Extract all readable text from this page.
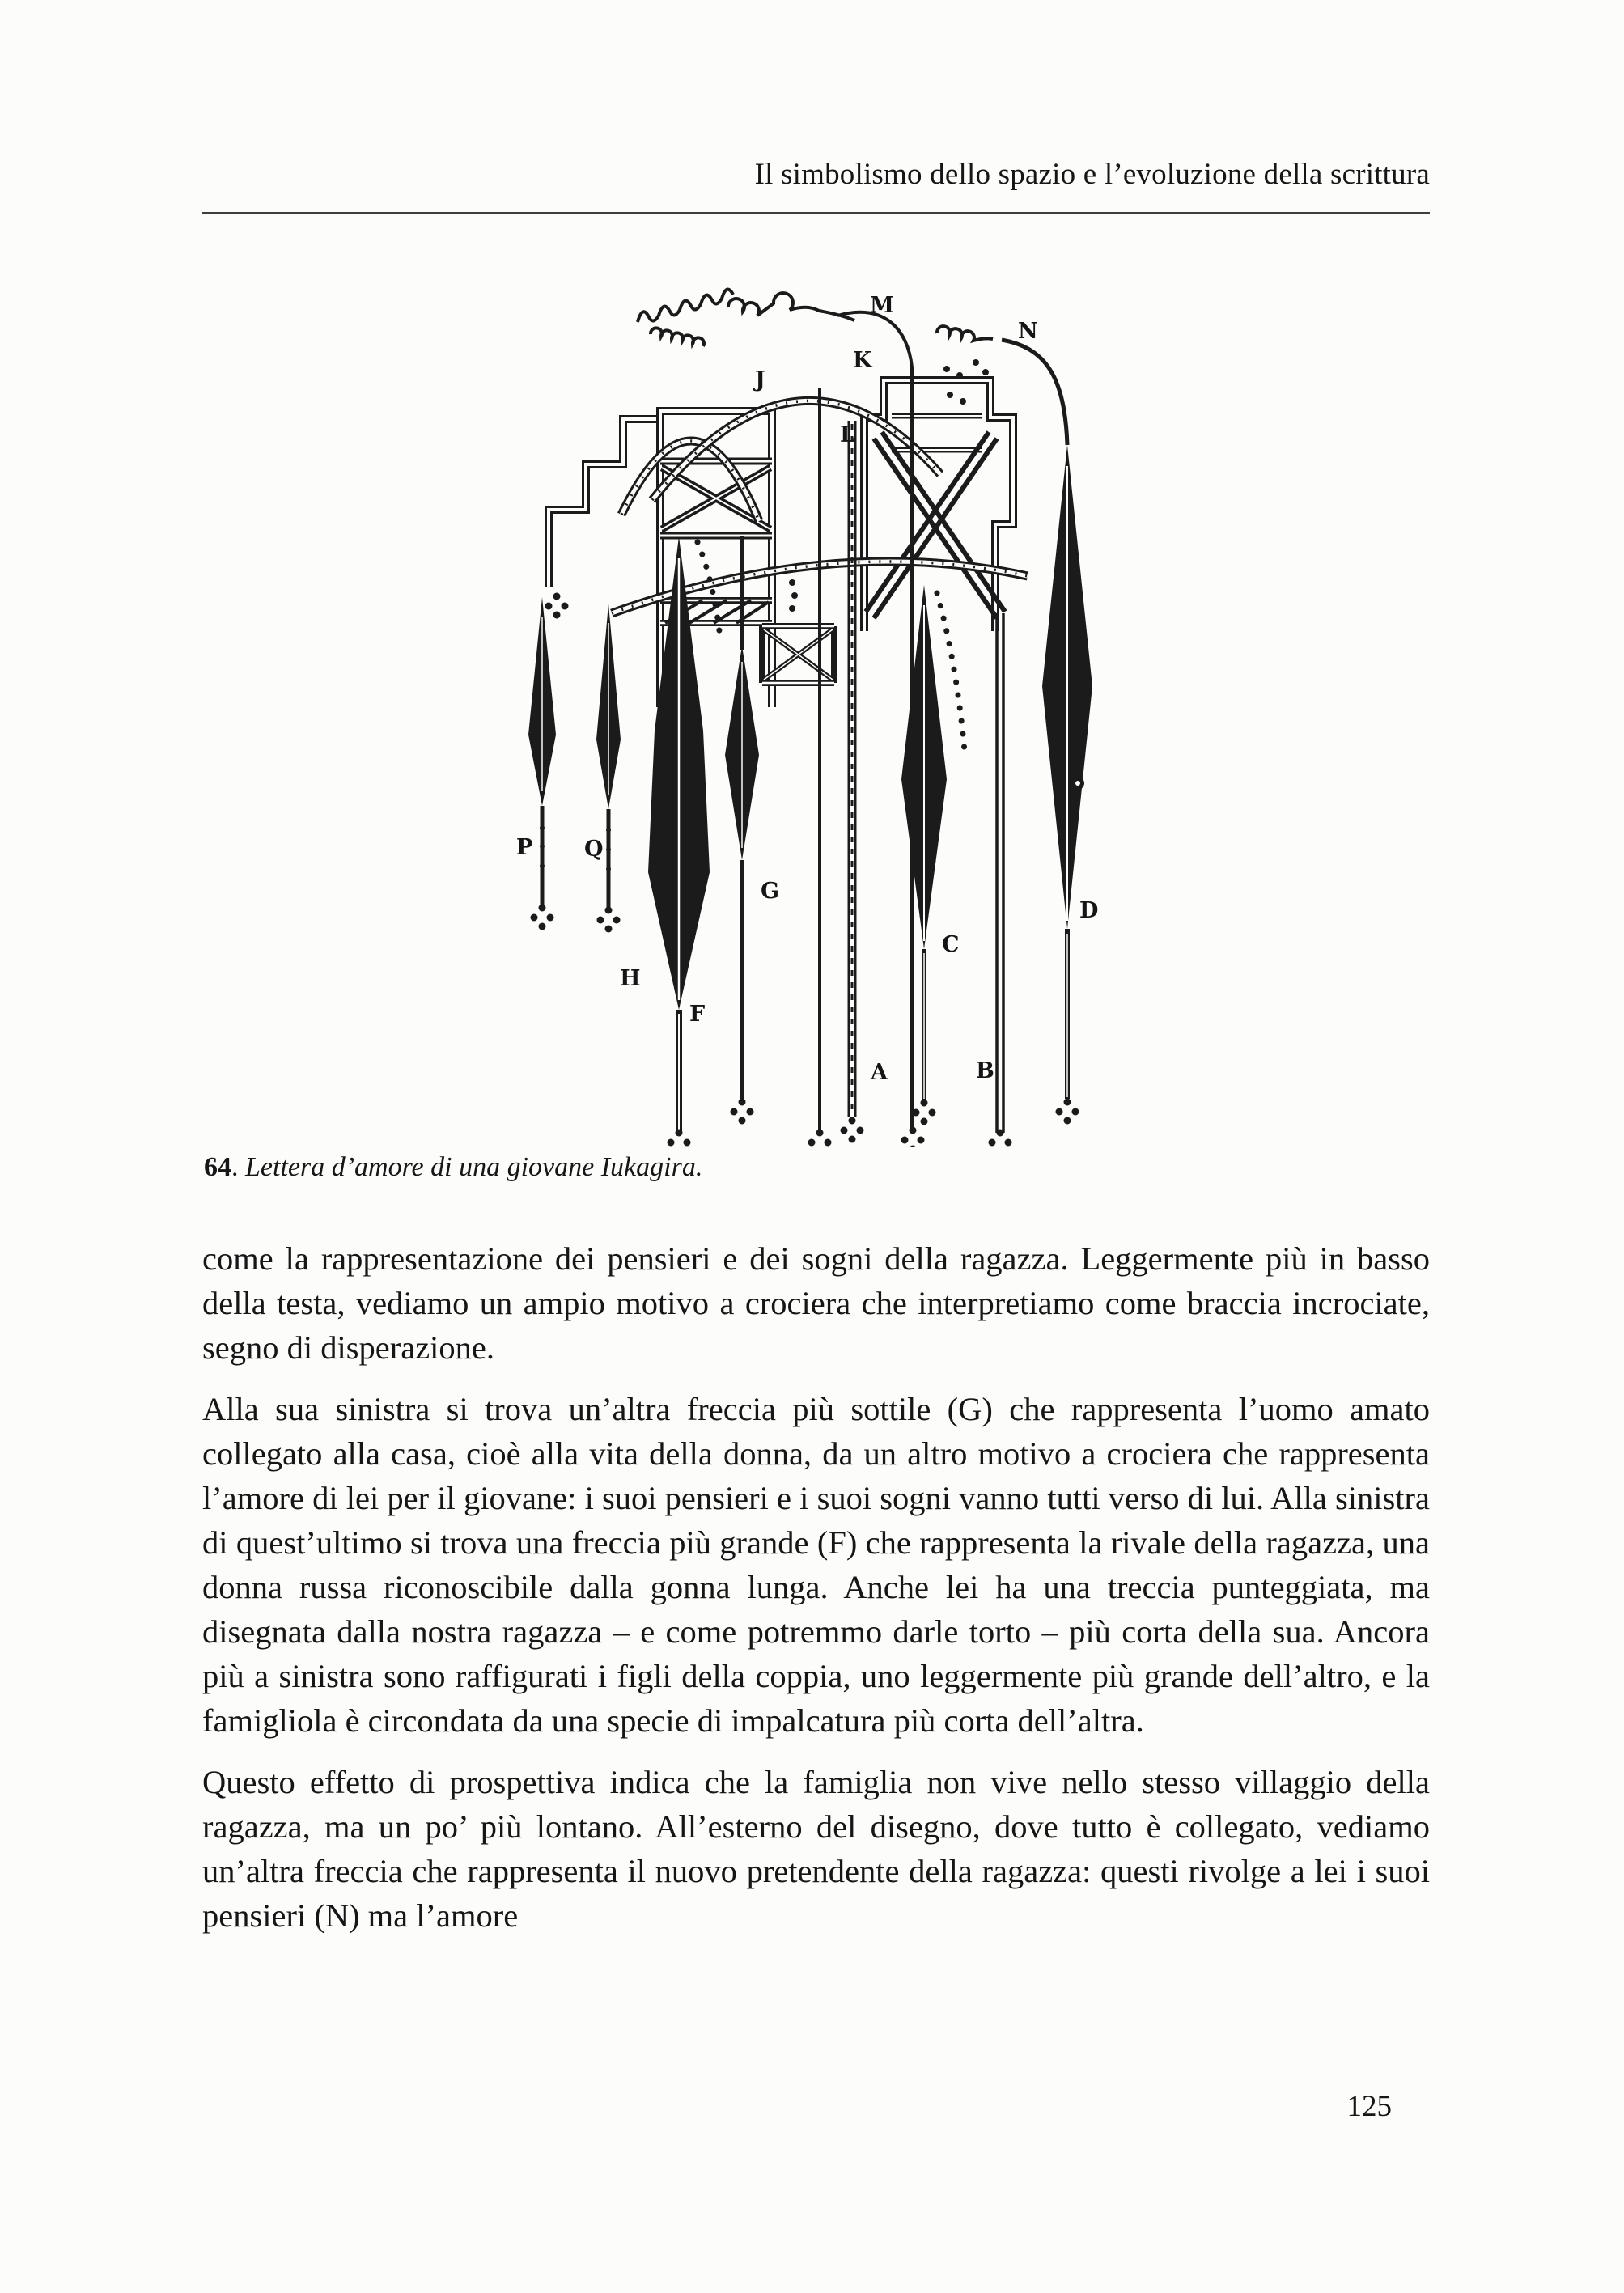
Il simbolismo dello spazio e l’evoluzione della scrittura
M
N
K
J
L
P Q
H
F
G
A
C
B
D
64. Lettera d’amore di una giovane Iukagira.

come la rappresentazione dei pensieri e dei sogni della ragazza. Leggermente più in basso della testa, vediamo un ampio motivo a crociera che interpretiamo come braccia incrociate, segno di disperazione.

Alla sua sinistra si trova un’altra freccia più sottile (G) che rappresenta l’uomo amato collegato alla casa, cioè alla vita della donna, da un altro motivo a crociera che rappresenta l’amore di lei per il giovane: i suoi pensieri e i suoi sogni vanno tutti verso di lui. Alla sinistra di quest’ultimo si trova una freccia più grande (F) che rappresenta la rivale della ragazza, una donna russa riconoscibile dalla gonna lunga. Anche lei ha una treccia punteggiata, ma disegnata dalla nostra ragazza – e come potremmo darle torto – più corta della sua. Ancora più a sinistra sono raffigurati i figli della coppia, uno leggermente più grande dell’altro, e la famigliola è circondata da una specie di impalcatura più corta dell’altra.

Questo effetto di prospettiva indica che la famiglia non vive nello stesso villaggio della ragazza, ma un po’ più lontano. All’esterno del disegno, dove tutto è collegato, vediamo un’altra freccia che rappresenta il nuovo pretendente della ragazza: questi rivolge a lei i suoi pensieri (N) ma l’amore

125
